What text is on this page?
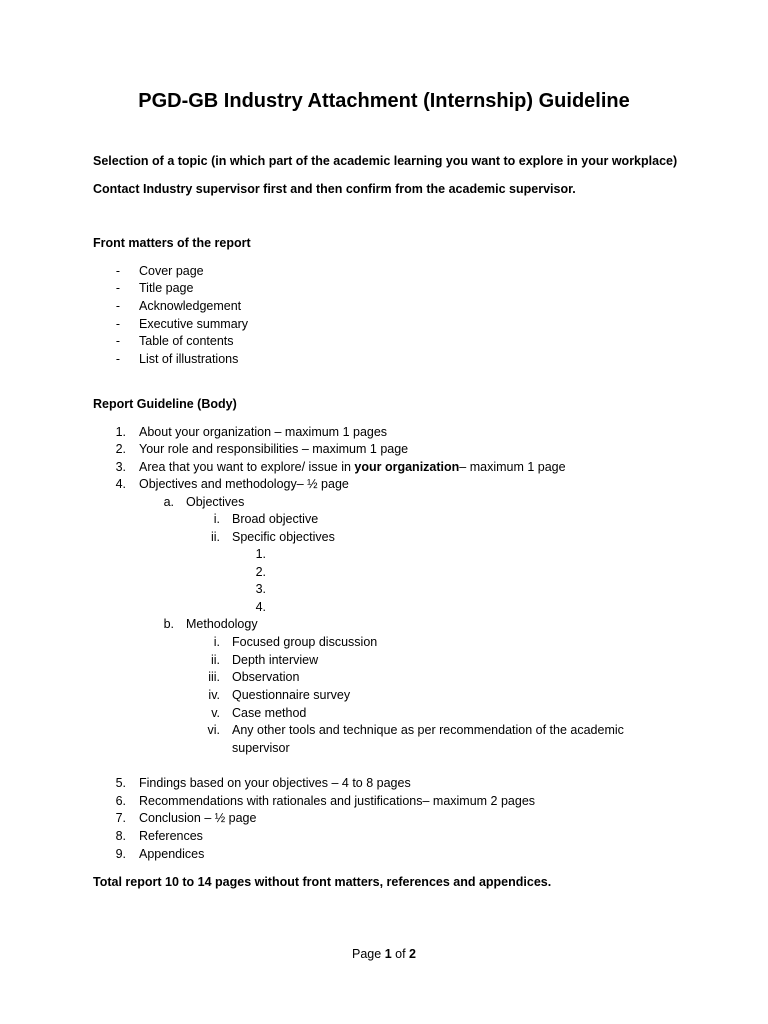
PGD-GB Industry Attachment (Internship) Guideline
Selection of a topic (in which part of the academic learning you want to explore in your workplace)
Contact Industry supervisor first and then confirm from the academic supervisor.
Front matters of the report
- Cover page
- Title page
- Acknowledgement
- Executive summary
- Table of contents
- List of illustrations
Report Guideline (Body)
1. About your organization – maximum 1 pages
2. Your role and responsibilities – maximum 1 page
3. Area that you want to explore/ issue in your organization– maximum 1 page
4. Objectives and methodology– ½ page
a. Objectives
i. Broad objective
ii. Specific objectives
1.
2.
3.
4.
b. Methodology
i. Focused group discussion
ii. Depth interview
iii. Observation
iv. Questionnaire survey
v. Case method
vi. Any other tools and technique as per recommendation of the academic
supervisor
5. Findings based on your objectives – 4 to 8 pages
6. Recommendations with rationales and justifications– maximum 2 pages
7. Conclusion – ½ page
8. References
9. Appendices
Total report 10 to 14 pages without front matters, references and appendices.
Page 1 of 2
